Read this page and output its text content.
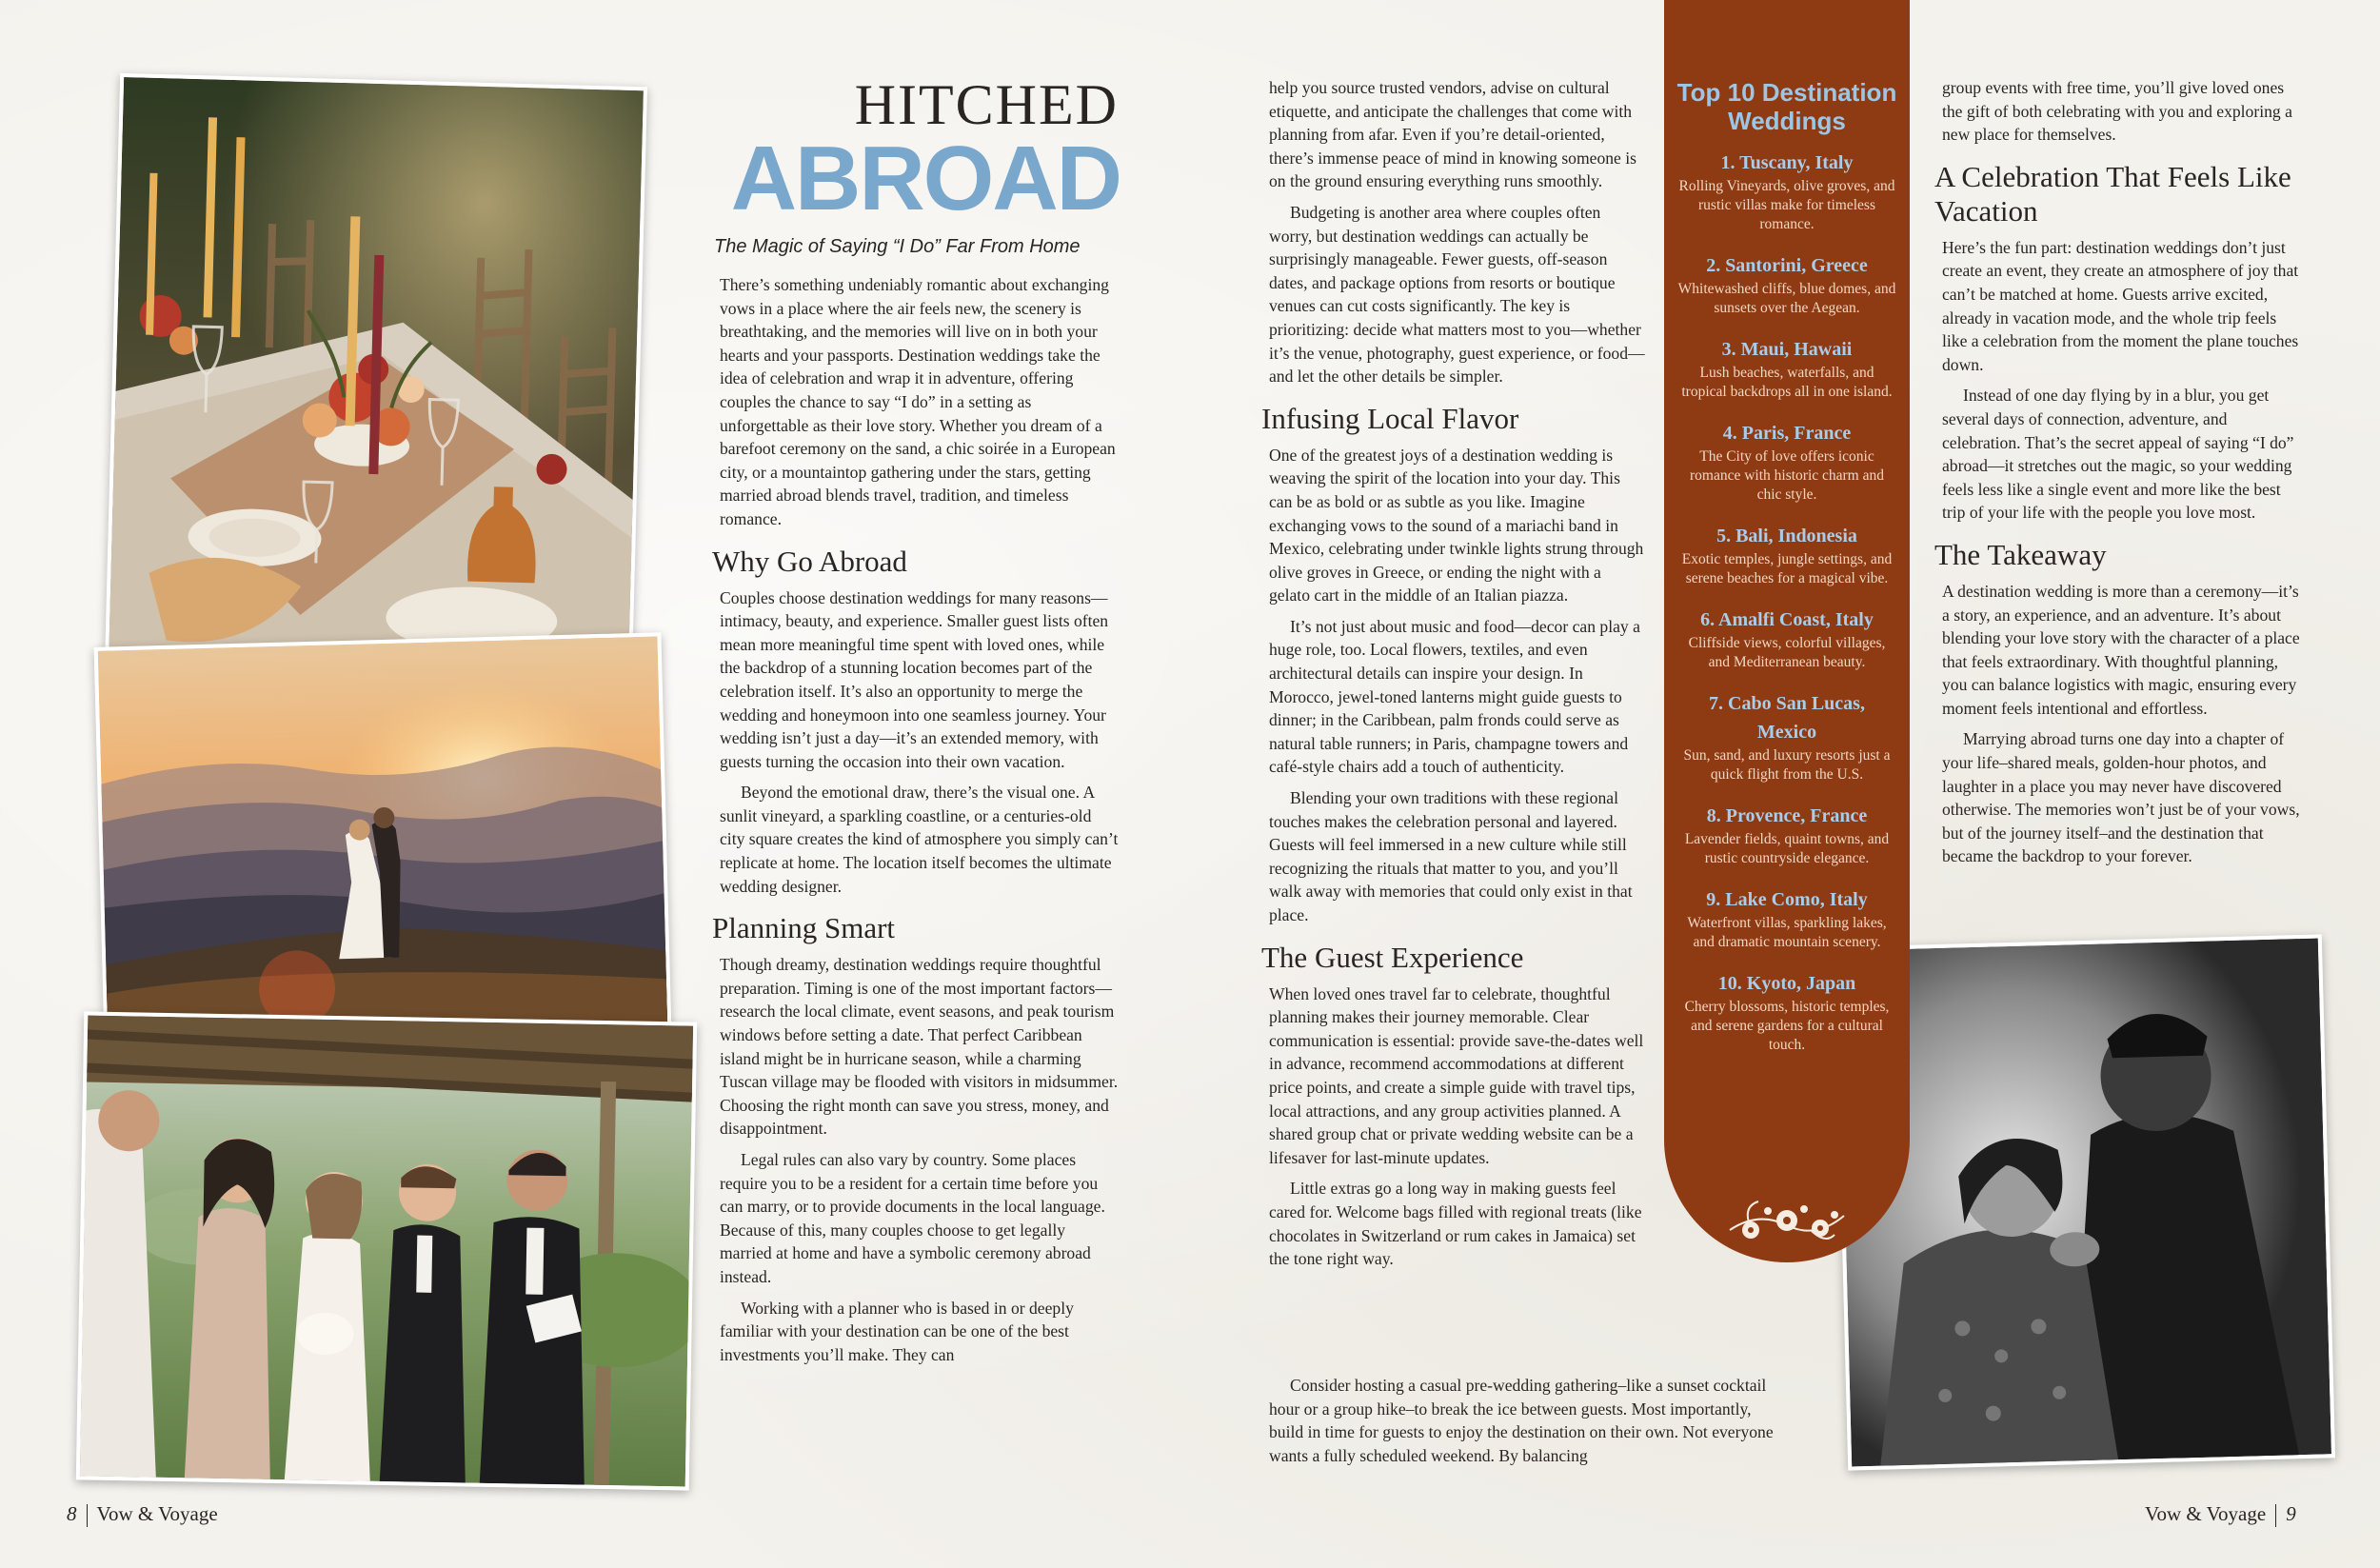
HITCHED
ABROAD
The Magic of Saying “I Do” Far From Home

There’s something undeniably romantic about exchanging vows in a place where the air feels new, the scenery is breathtaking, and the memories will live on in both your hearts and your passports. Destination weddings take the idea of celebration and wrap it in adventure, offering couples the chance to say “I do” in a setting as unforgettable as their love story. Whether you dream of a barefoot ceremony on the sand, a chic soirée in a European city, or a mountaintop gathering under the stars, getting married abroad blends travel, tradition, and timeless romance.

Why Go Abroad

Couples choose destination weddings for many reasons—intimacy, beauty, and experience. Smaller guest lists often mean more meaningful time spent with loved ones, while the backdrop of a stunning location becomes part of the celebration itself. It’s also an opportunity to merge the wedding and honeymoon into one seamless journey. Your wedding isn’t just a day—it’s an extended memory, with guests turning the occasion into their own vacation.

Beyond the emotional draw, there’s the visual one. A sunlit vineyard, a sparkling coastline, or a centuries-old city square creates the kind of atmosphere you simply can’t replicate at home. The location itself becomes the ultimate wedding designer.

Planning Smart

Though dreamy, destination weddings require thoughtful preparation. Timing is one of the most important factors—research the local climate, event seasons, and peak tourism windows before setting a date. That perfect Caribbean island might be in hurricane season, while a charming Tuscan village may be flooded with visitors in midsummer. Choosing the right month can save you stress, money, and disappointment.

Legal rules can also vary by country. Some places require you to be a resident for a certain time before you can marry, or to provide documents in the local language. Because of this, many couples choose to get legally married at home and have a symbolic ceremony abroad instead.

Working with a planner who is based in or deeply familiar with your destination can be one of the best investments you’ll make. They can

help you source trusted vendors, advise on cultural etiquette, and anticipate the challenges that come with planning from afar. Even if you’re detail-oriented, there’s immense peace of mind in knowing someone is on the ground ensuring everything runs smoothly.

Budgeting is another area where couples often worry, but destination weddings can actually be surprisingly manageable. Fewer guests, off-season dates, and package options from resorts or boutique venues can cut costs significantly. The key is prioritizing: decide what matters most to you—whether it’s the venue, photography, guest experience, or food—and let the other details be simpler.

Infusing Local Flavor

One of the greatest joys of a destination wedding is weaving the spirit of the location into your day. This can be as bold or as subtle as you like. Imagine exchanging vows to the sound of a mariachi band in Mexico, celebrating under twinkle lights strung through olive groves in Greece, or ending the night with a gelato cart in the middle of an Italian piazza.

It’s not just about music and food—decor can play a huge role, too. Local flowers, textiles, and even architectural details can inspire your design. In Morocco, jewel-toned lanterns might guide guests to dinner; in the Caribbean, palm fronds could serve as natural table runners; in Paris, champagne towers and café-style chairs add a touch of authenticity.

Blending your own traditions with these regional touches makes the celebration personal and layered. Guests will feel immersed in a new culture while still recognizing the rituals that matter to you, and you’ll walk away with memories that could only exist in that place.

The Guest Experience

When loved ones travel far to celebrate, thoughtful planning makes their journey memorable. Clear communication is essential: provide save-the-dates well in advance, recommend accommodations at different price points, and create a simple guide with travel tips, local attractions, and any group activities planned. A shared group chat or private wedding website can be a lifesaver for last-minute updates.

Little extras go a long way in making guests feel cared for. Welcome bags filled with regional treats (like chocolates in Switzerland or rum cakes in Jamaica) set the tone right way.

Consider hosting a casual pre-wedding gathering–like a sunset cocktail hour or a group hike–to break the ice between guests. Most importantly, build in time for guests to enjoy the destination on their own. Not everyone wants a fully scheduled weekend. By balancing

Top 10 Destination Weddings
1. Tuscany, Italy
Rolling Vineyards, olive groves, and rustic villas make for timeless romance.
2. Santorini, Greece
Whitewashed cliffs, blue domes, and sunsets over the Aegean.
3. Maui, Hawaii
Lush beaches, waterfalls, and tropical backdrops all in one island.
4. Paris, France
The City of love offers iconic romance with historic charm and chic style.
5. Bali, Indonesia
Exotic temples, jungle settings, and serene beaches for a magical vibe.
6. Amalfi Coast, Italy
Cliffside views, colorful villages, and Mediterranean beauty.
7. Cabo San Lucas, Mexico
Sun, sand, and luxury resorts just a quick flight from the U.S.
8. Provence, France
Lavender fields, quaint towns, and rustic countryside elegance.
9. Lake Como, Italy
Waterfront villas, sparkling lakes, and dramatic mountain scenery.
10. Kyoto, Japan
Cherry blossoms, historic temples, and serene gardens for a cultural touch.

group events with free time, you’ll give loved ones the gift of both celebrating with you and exploring a new place for themselves.

A Celebration That Feels Like Vacation

Here’s the fun part: destination weddings don’t just create an event, they create an atmosphere of joy that can’t be matched at home. Guests arrive excited, already in vacation mode, and the whole trip feels like a celebration from the moment the plane touches down.

Instead of one day flying by in a blur, you get several days of connection, adventure, and celebration. That’s the secret appeal of saying “I do” abroad—it stretches out the magic, so your wedding feels less like a single event and more like the best trip of your life with the people you love most.

The Takeaway

A destination wedding is more than a ceremony—it’s a story, an experience, and an adventure. It’s about blending your love story with the character of a place that feels extraordinary. With thoughtful planning, you can balance logistics with magic, ensuring every moment feels intentional and effortless.

Marrying abroad turns one day into a chapter of your life–shared meals, golden-hour photos, and laughter in a place you may never have discovered otherwise. The memories won’t just be of your vows, but of the journey itself–and the destination that became the backdrop to your forever.

8 Vow & Voyage	Vow & Voyage 9
